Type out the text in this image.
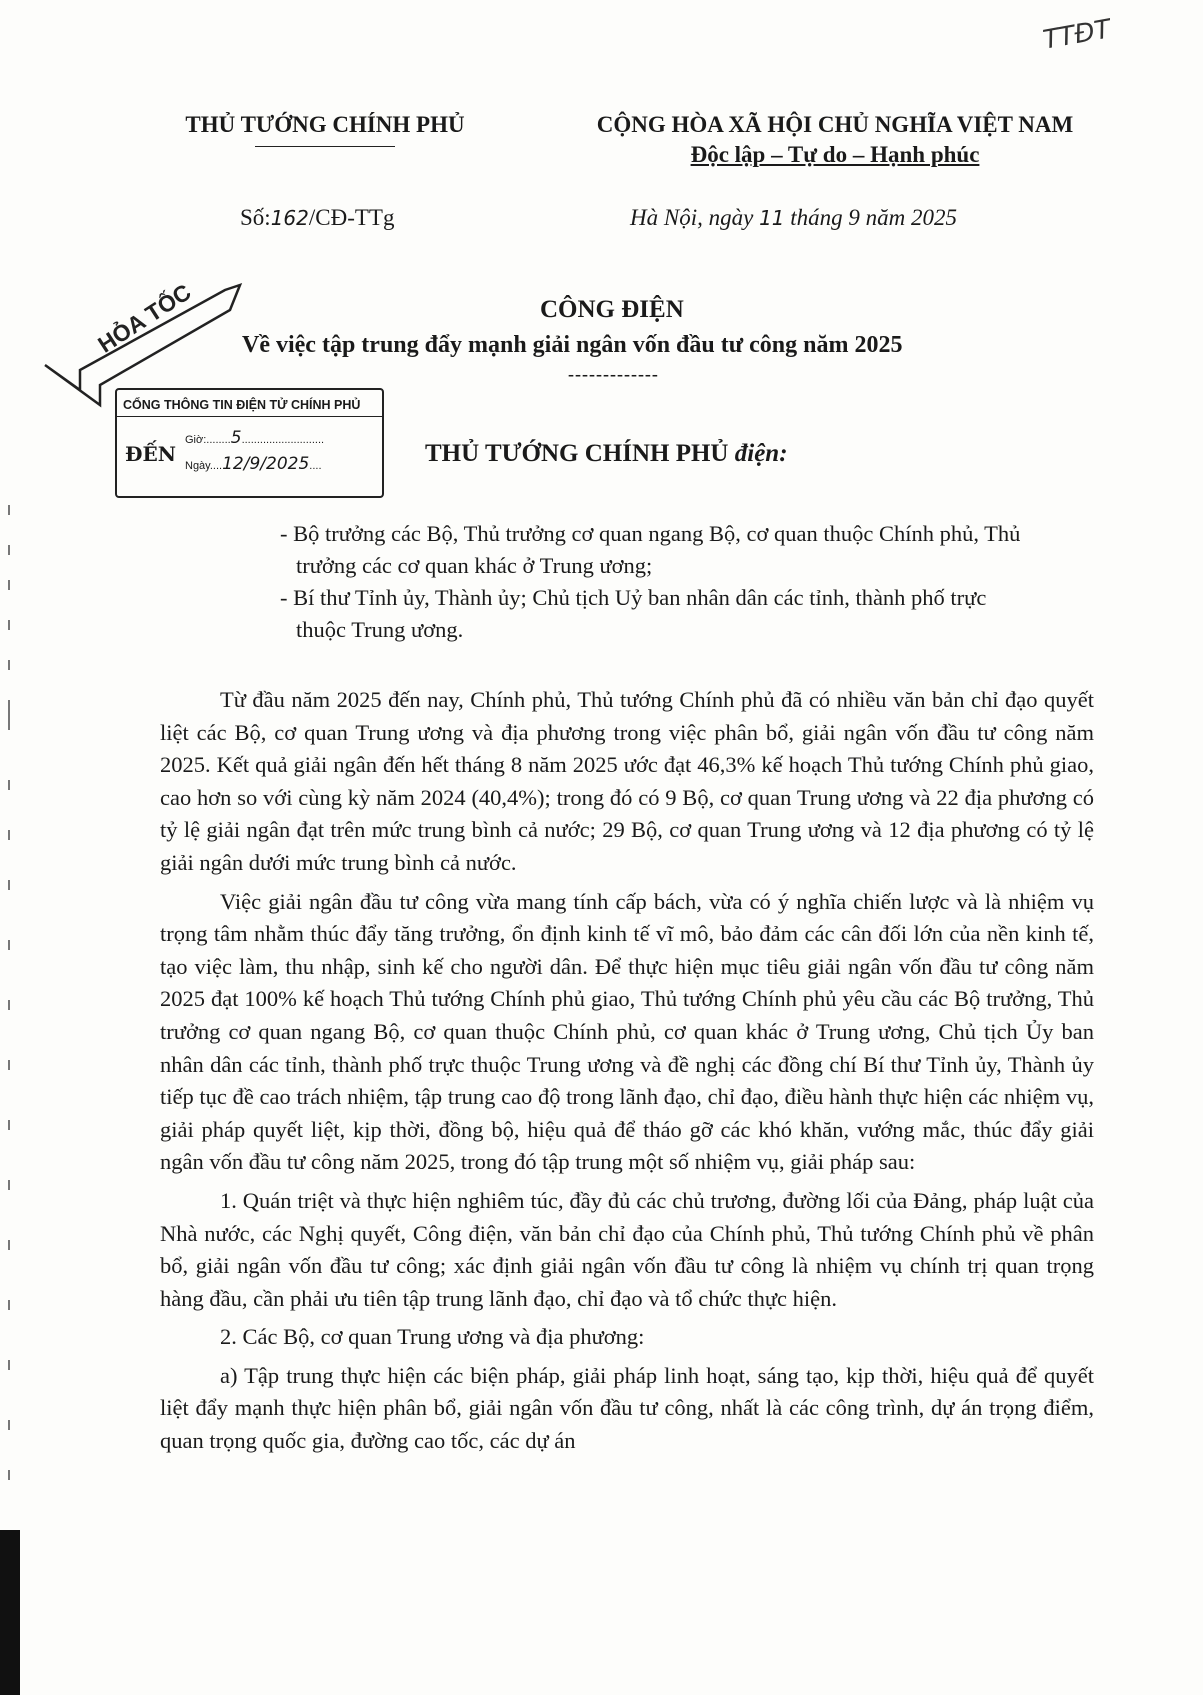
TTĐT
THỦ TƯỚNG CHÍNH PHỦ	CỘNG HÒA XÃ HỘI CHỦ NGHĨA VIỆT NAM
Độc lập – Tự do – Hạnh phúc
Số:162/CĐ-TTg	Hà Nội, ngày 11 tháng 9 năm 2025
HỎA TỐC
CỔNG THÔNG TIN ĐIỆN TỬ CHÍNH PHỦ
ĐẾN
Giờ:........5...........................
Ngày....12/9/2025....
CÔNG ĐIỆN
Về việc tập trung đẩy mạnh giải ngân vốn đầu tư công năm 2025
-------------
THỦ TƯỚNG CHÍNH PHỦ điện:

- Bộ trưởng các Bộ, Thủ trưởng cơ quan ngang Bộ, cơ quan thuộc Chính phủ, Thủ trưởng các cơ quan khác ở Trung ương;

- Bí thư Tỉnh ủy, Thành ủy; Chủ tịch Uỷ ban nhân dân các tỉnh, thành phố trực thuộc Trung ương.

Từ đầu năm 2025 đến nay, Chính phủ, Thủ tướng Chính phủ đã có nhiều văn bản chỉ đạo quyết liệt các Bộ, cơ quan Trung ương và địa phương trong việc phân bổ, giải ngân vốn đầu tư công năm 2025. Kết quả giải ngân đến hết tháng 8 năm 2025 ước đạt 46,3% kế hoạch Thủ tướng Chính phủ giao, cao hơn so với cùng kỳ năm 2024 (40,4%); trong đó có 9 Bộ, cơ quan Trung ương và 22 địa phương có tỷ lệ giải ngân đạt trên mức trung bình cả nước; 29 Bộ, cơ quan Trung ương và 12 địa phương có tỷ lệ giải ngân dưới mức trung bình cả nước.

Việc giải ngân đầu tư công vừa mang tính cấp bách, vừa có ý nghĩa chiến lược và là nhiệm vụ trọng tâm nhằm thúc đẩy tăng trưởng, ổn định kinh tế vĩ mô, bảo đảm các cân đối lớn của nền kinh tế, tạo việc làm, thu nhập, sinh kế cho người dân. Để thực hiện mục tiêu giải ngân vốn đầu tư công năm 2025 đạt 100% kế hoạch Thủ tướng Chính phủ giao, Thủ tướng Chính phủ yêu cầu các Bộ trưởng, Thủ trưởng cơ quan ngang Bộ, cơ quan thuộc Chính phủ, cơ quan khác ở Trung ương, Chủ tịch Ủy ban nhân dân các tỉnh, thành phố trực thuộc Trung ương và đề nghị các đồng chí Bí thư Tỉnh ủy, Thành ủy tiếp tục đề cao trách nhiệm, tập trung cao độ trong lãnh đạo, chỉ đạo, điều hành thực hiện các nhiệm vụ, giải pháp quyết liệt, kịp thời, đồng bộ, hiệu quả để tháo gỡ các khó khăn, vướng mắc, thúc đẩy giải ngân vốn đầu tư công năm 2025, trong đó tập trung một số nhiệm vụ, giải pháp sau:

1. Quán triệt và thực hiện nghiêm túc, đầy đủ các chủ trương, đường lối của Đảng, pháp luật của Nhà nước, các Nghị quyết, Công điện, văn bản chỉ đạo của Chính phủ, Thủ tướng Chính phủ về phân bổ, giải ngân vốn đầu tư công; xác định giải ngân vốn đầu tư công là nhiệm vụ chính trị quan trọng hàng đầu, cần phải ưu tiên tập trung lãnh đạo, chỉ đạo và tổ chức thực hiện.

2. Các Bộ, cơ quan Trung ương và địa phương:

a) Tập trung thực hiện các biện pháp, giải pháp linh hoạt, sáng tạo, kịp thời, hiệu quả để quyết liệt đẩy mạnh thực hiện phân bổ, giải ngân vốn đầu tư công, nhất là các công trình, dự án trọng điểm, quan trọng quốc gia, đường cao tốc, các dự án
